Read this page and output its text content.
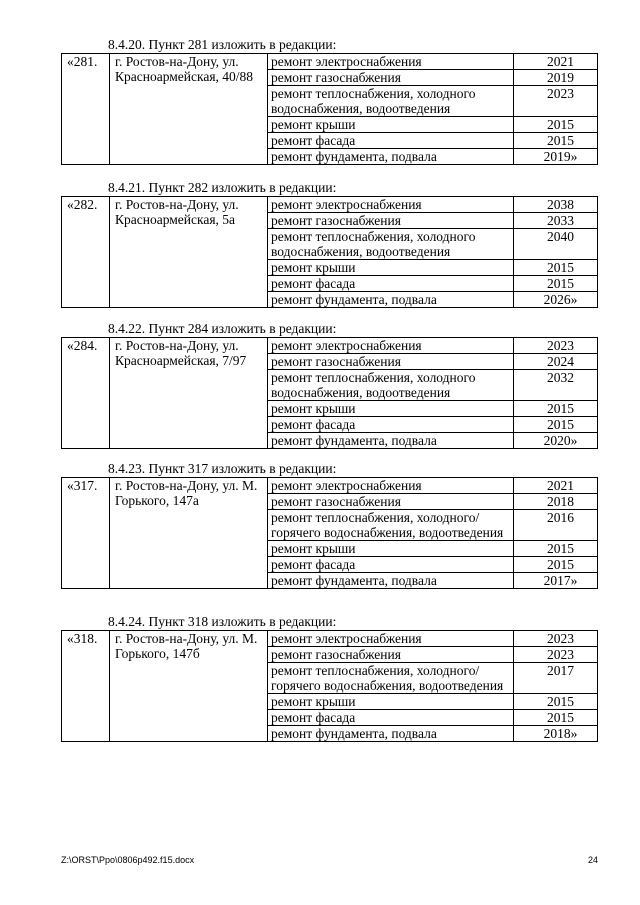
8.4.20. Пункт 281 изложить в редакции:
«281.	г. Ростов-на-Дону, ул. Красноармейская, 40/88	ремонт электроснабжения	2021
		ремонт газоснабжения	2019
		ремонт теплоснабжения, холодного водоснабжения, водоотведения	2023
		ремонт крыши	2015
		ремонт фасада	2015
		ремонт фундамента, подвала	2019»
8.4.21. Пункт 282 изложить в редакции:
«282.	г. Ростов-на-Дону, ул. Красноармейская, 5а	ремонт электроснабжения	2038
		ремонт газоснабжения	2033
		ремонт теплоснабжения, холодного водоснабжения, водоотведения	2040
		ремонт крыши	2015
		ремонт фасада	2015
		ремонт фундамента, подвала	2026»
8.4.22. Пункт 284 изложить в редакции:
«284.	г. Ростов-на-Дону, ул. Красноармейская, 7/97	ремонт электроснабжения	2023
		ремонт газоснабжения	2024
		ремонт теплоснабжения, холодного водоснабжения, водоотведения	2032
		ремонт крыши	2015
		ремонт фасада	2015
		ремонт фундамента, подвала	2020»
8.4.23. Пункт 317 изложить в редакции:
«317.	г. Ростов-на-Дону, ул. М. Горького, 147а	ремонт электроснабжения	2021
		ремонт газоснабжения	2018
		ремонт теплоснабжения, холодного/горячего водоснабжения, водоотведения	2016
		ремонт крыши	2015
		ремонт фасада	2015
		ремонт фундамента, подвала	2017»
8.4.24. Пункт 318 изложить в редакции:
«318.	г. Ростов-на-Дону, ул. М. Горького, 147б	ремонт электроснабжения	2023
		ремонт газоснабжения	2023
		ремонт теплоснабжения, холодного/горячего водоснабжения, водоотведения	2017
		ремонт крыши	2015
		ремонт фасада	2015
		ремонт фундамента, подвала	2018»
Z:\ORST\Ppo\0806p492.f15.docx	24
